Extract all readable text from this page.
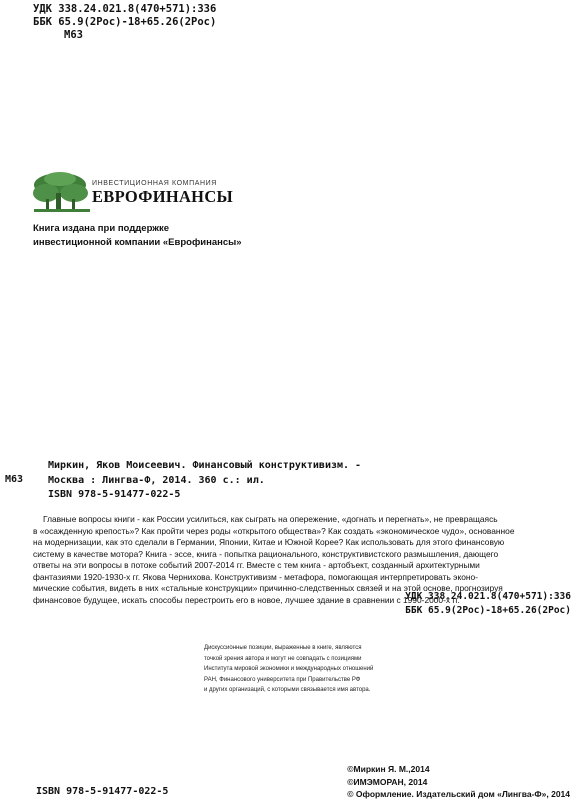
УДК 338.24.021.8(470+571):336
ББК 65.9(2Рос)-18+65.26(2Рос)
М63
ИНВЕСТИЦИОННАЯ КОМПАНИЯ
ЕВРОФИНАНСЫ
Книга издана при поддержке
инвестиционной компании «Еврофинансы»
М63
Миркин, Яков Моисеевич. Финансовый конструктивизм. -
Москва : Лингва-Ф, 2014. 360 с.: ил.
ISBN 978-5-91477-022-5

Главные вопросы книги - как России усилиться, как сыграть на опережение, «догнать и перегнать», не превращаясь

в «осажденную крепость»? Как пройти через роды «открытого общества»? Как создать «экономическое чудо», основанное

на модернизации, как это сделали в Германии, Японии, Китае и Южной Корее? Как использовать для этого финансовую

систему в качестве мотора? Книга - эссе, книга - попытка рационального, конструктивистского размышления, дающего

ответы на эти вопросы в потоке событий 2007-2014 гг. Вместе с тем книга - артобъект, созданный архитектурными

фантазиями 1920-1930-х гг. Якова Чернихова. Конструктивизм - метафора, помогающая интерпретировать эконо-

мические события, видеть в них «стальные конструкции» причинно-следственных связей и на этой основе, прогнозируя

финансовое будущее, искать способы перестроить его в новое, лучшее здание в сравнении с 1990-2000-х гг.

УДК 338.24.021.8(470+571):336
ББК 65.9(2Рос)-18+65.26(2Рос)
Дискуссионные позиции, выраженные в книге, являются
точкой зрения автора и могут не совпадать с позициями
Института мировой экономики и международных отношений
РАН, Финансового университета при Правительстве РФ
и других организаций, с которыми связывается имя автора.
©Миркин Я. М.,2014
©ИМЭМОРАН, 2014
© Оформление. Издательский дом «Лингва-Ф», 2014
ISBN 978-5-91477-022-5
